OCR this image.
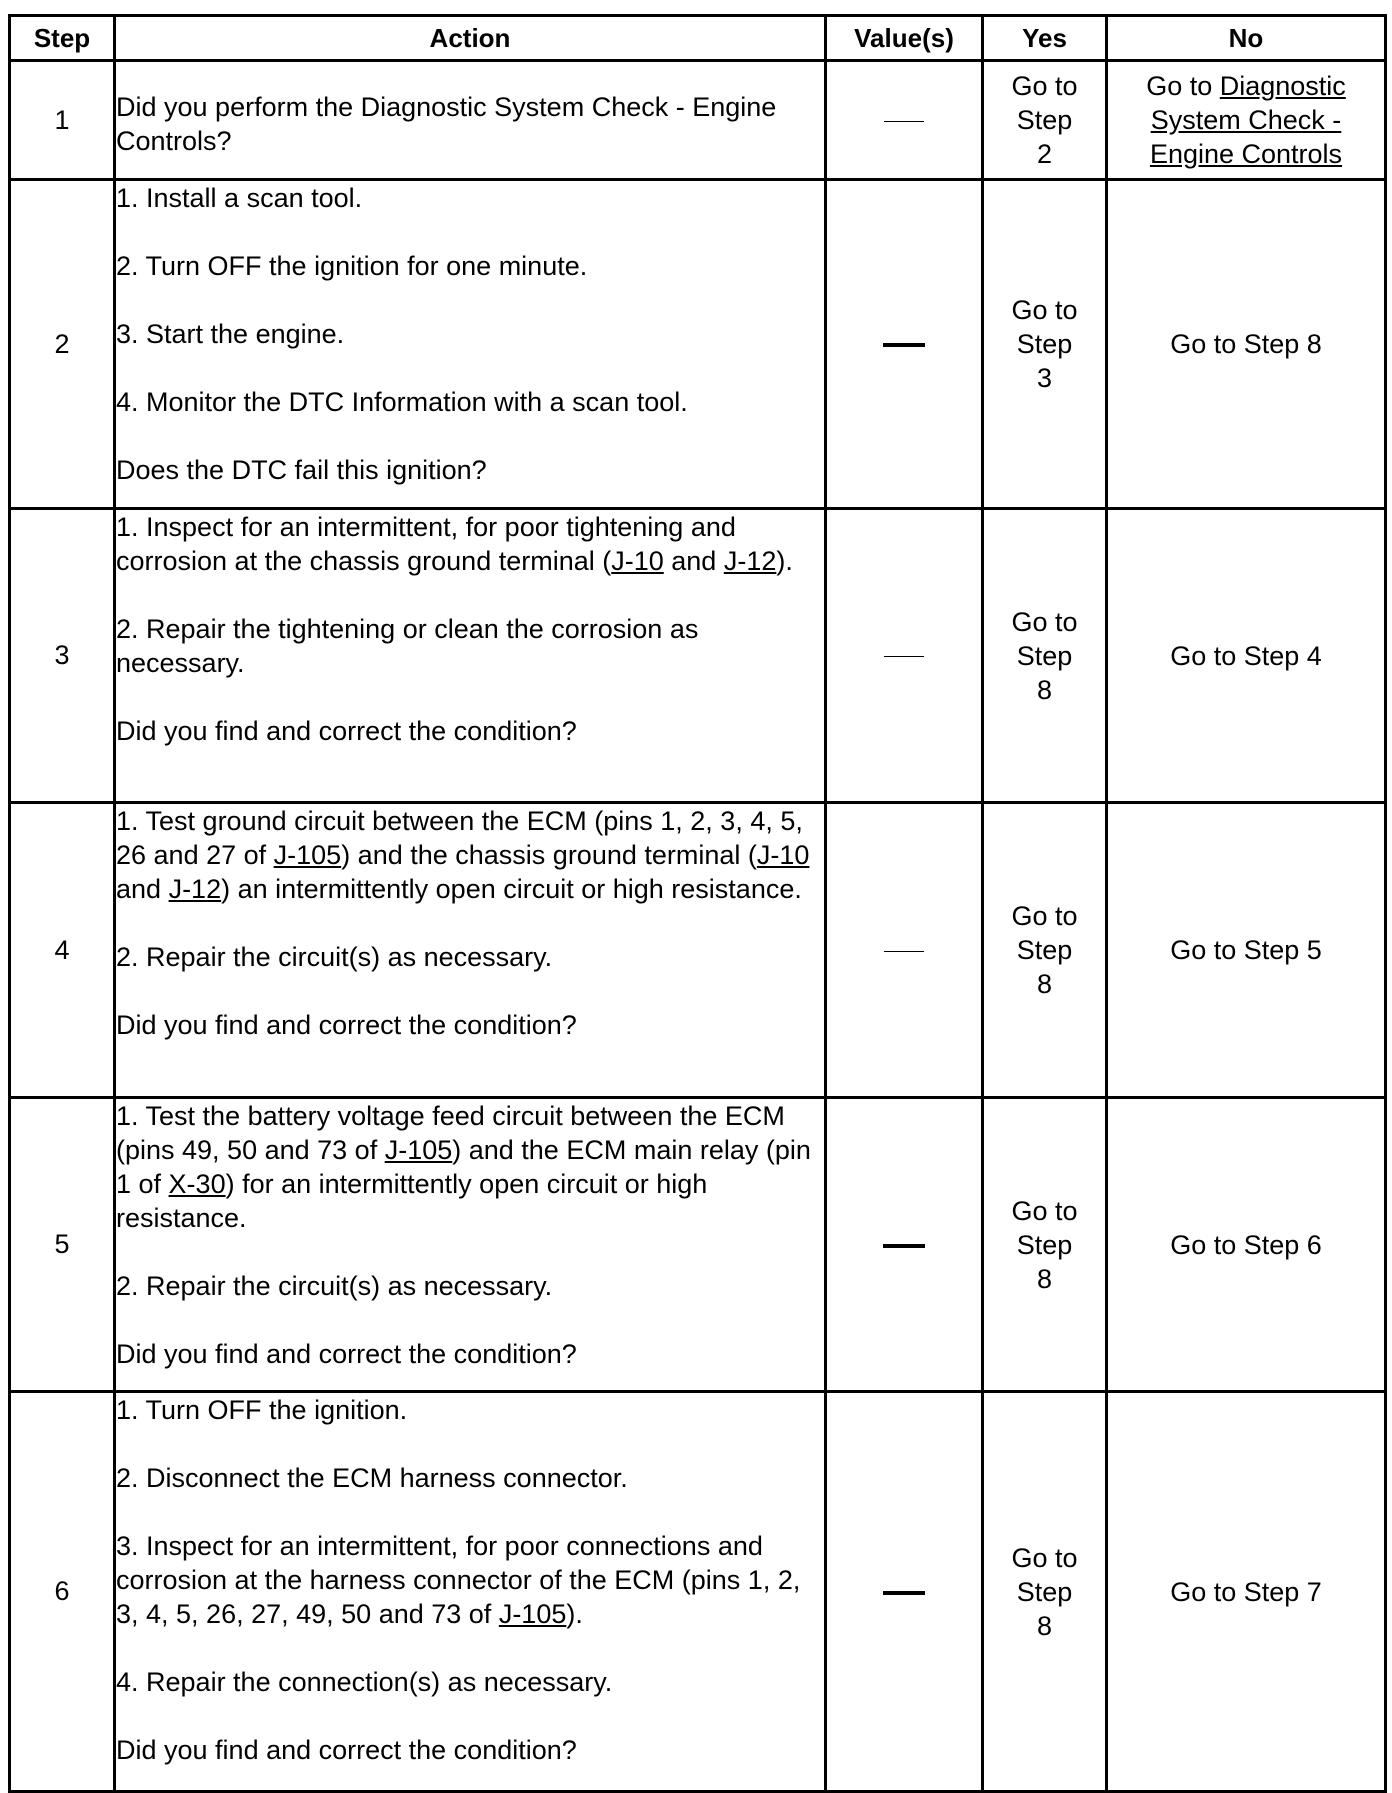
Step	Action	Value(s)	Yes	No
1	Did you perform the Diagnostic System Check - Engine Controls?		Go to Step 2	Go to Diagnostic System Check - Engine Controls
2	1. Install a scan tool.
2. Turn OFF the ignition for one minute.
3. Start the engine.
4. Monitor the DTC Information with a scan tool.
Does the DTC fail this ignition?		Go to Step 3	Go to Step 8
3	1. Inspect for an intermittent, for poor tightening and corrosion at the chassis ground terminal (J-10 and J-12).
2. Repair the tightening or clean the corrosion as necessary.
Did you find and correct the condition?		Go to Step 8	Go to Step 4
4	1. Test ground circuit between the ECM (pins 1, 2, 3, 4, 5, 26 and 27 of J-105) and the chassis ground terminal (J-10 and J-12) an intermittently open circuit or high resistance.
2. Repair the circuit(s) as necessary.
Did you find and correct the condition?		Go to Step 8	Go to Step 5
5	1. Test the battery voltage feed circuit between the ECM (pins 49, 50 and 73 of J-105) and the ECM main relay (pin 1 of X-30) for an intermittently open circuit or high resistance.
2. Repair the circuit(s) as necessary.
Did you find and correct the condition?		Go to Step 8	Go to Step 6
6	1. Turn OFF the ignition.
2. Disconnect the ECM harness connector.
3. Inspect for an intermittent, for poor connections and corrosion at the harness connector of the ECM (pins 1, 2, 3, 4, 5, 26, 27, 49, 50 and 73 of J-105).
4. Repair the connection(s) as necessary.
Did you find and correct the condition?		Go to Step 8	Go to Step 7
